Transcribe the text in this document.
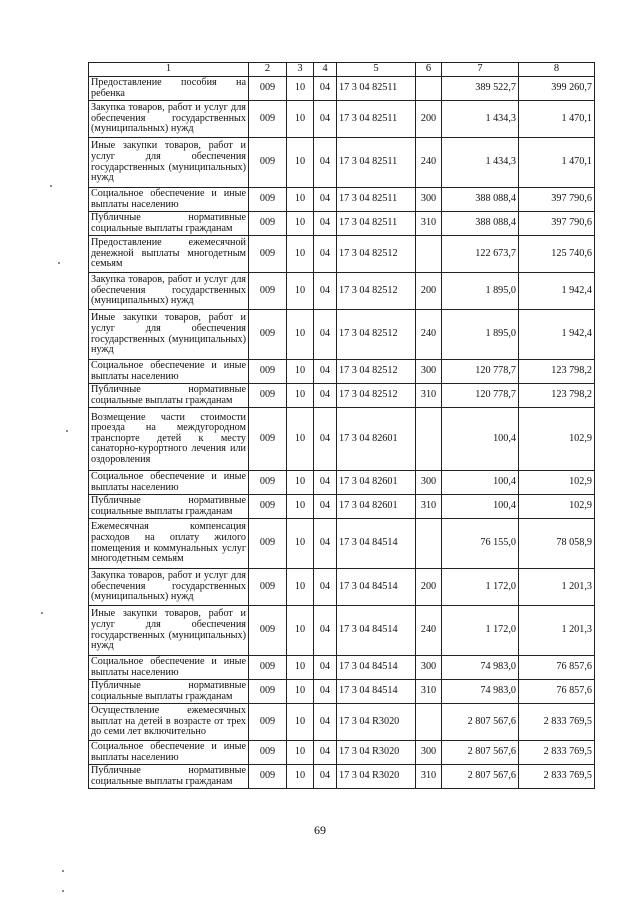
1	2	3	4	5	6	7	8
Предоставление пособия на ребенка	009	10	04	17 3 04 82511		389 522,7	399 260,7
Закупка товаров, работ и услуг для обеспечения государственных (муниципальных) нужд	009	10	04	17 3 04 82511	200	1 434,3	1 470,1
Иные закупки товаров, работ и услуг для обеспечения государственных (муниципальных) нужд	009	10	04	17 3 04 82511	240	1 434,3	1 470,1
Социальное обеспечение и иные выплаты населению	009	10	04	17 3 04 82511	300	388 088,4	397 790,6
Публичные нормативные социальные выплаты гражданам	009	10	04	17 3 04 82511	310	388 088,4	397 790,6
Предоставление ежемесячной денежной выплаты многодетным семьям	009	10	04	17 3 04 82512		122 673,7	125 740,6
Закупка товаров, работ и услуг для обеспечения государственных (муниципальных) нужд	009	10	04	17 3 04 82512	200	1 895,0	1 942,4
Иные закупки товаров, работ и услуг для обеспечения государственных (муниципальных) нужд	009	10	04	17 3 04 82512	240	1 895,0	1 942,4
Социальное обеспечение и иные выплаты населению	009	10	04	17 3 04 82512	300	120 778,7	123 798,2
Публичные нормативные социальные выплаты гражданам	009	10	04	17 3 04 82512	310	120 778,7	123 798,2
Возмещение части стоимости проезда на междугородном транспорте детей к месту санаторно-курортного лечения или оздоровления	009	10	04	17 3 04 82601		100,4	102,9
Социальное обеспечение и иные выплаты населению	009	10	04	17 3 04 82601	300	100,4	102,9
Публичные нормативные социальные выплаты гражданам	009	10	04	17 3 04 82601	310	100,4	102,9
Ежемесячная компенсация расходов на оплату жилого помещения и коммунальных услуг многодетным семьям	009	10	04	17 3 04 84514		76 155,0	78 058,9
Закупка товаров, работ и услуг для обеспечения государственных (муниципальных) нужд	009	10	04	17 3 04 84514	200	1 172,0	1 201,3
Иные закупки товаров, работ и услуг для обеспечения государственных (муниципальных) нужд	009	10	04	17 3 04 84514	240	1 172,0	1 201,3
Социальное обеспечение и иные выплаты населению	009	10	04	17 3 04 84514	300	74 983,0	76 857,6
Публичные нормативные социальные выплаты гражданам	009	10	04	17 3 04 84514	310	74 983,0	76 857,6
Осуществление ежемесячных выплат на детей в возрасте от трех до семи лет включительно	009	10	04	17 3 04 R3020		2 807 567,6	2 833 769,5
Социальное обеспечение и иные выплаты населению	009	10	04	17 3 04 R3020	300	2 807 567,6	2 833 769,5
Публичные нормативные социальные выплаты гражданам	009	10	04	17 3 04 R3020	310	2 807 567,6	2 833 769,5
69
